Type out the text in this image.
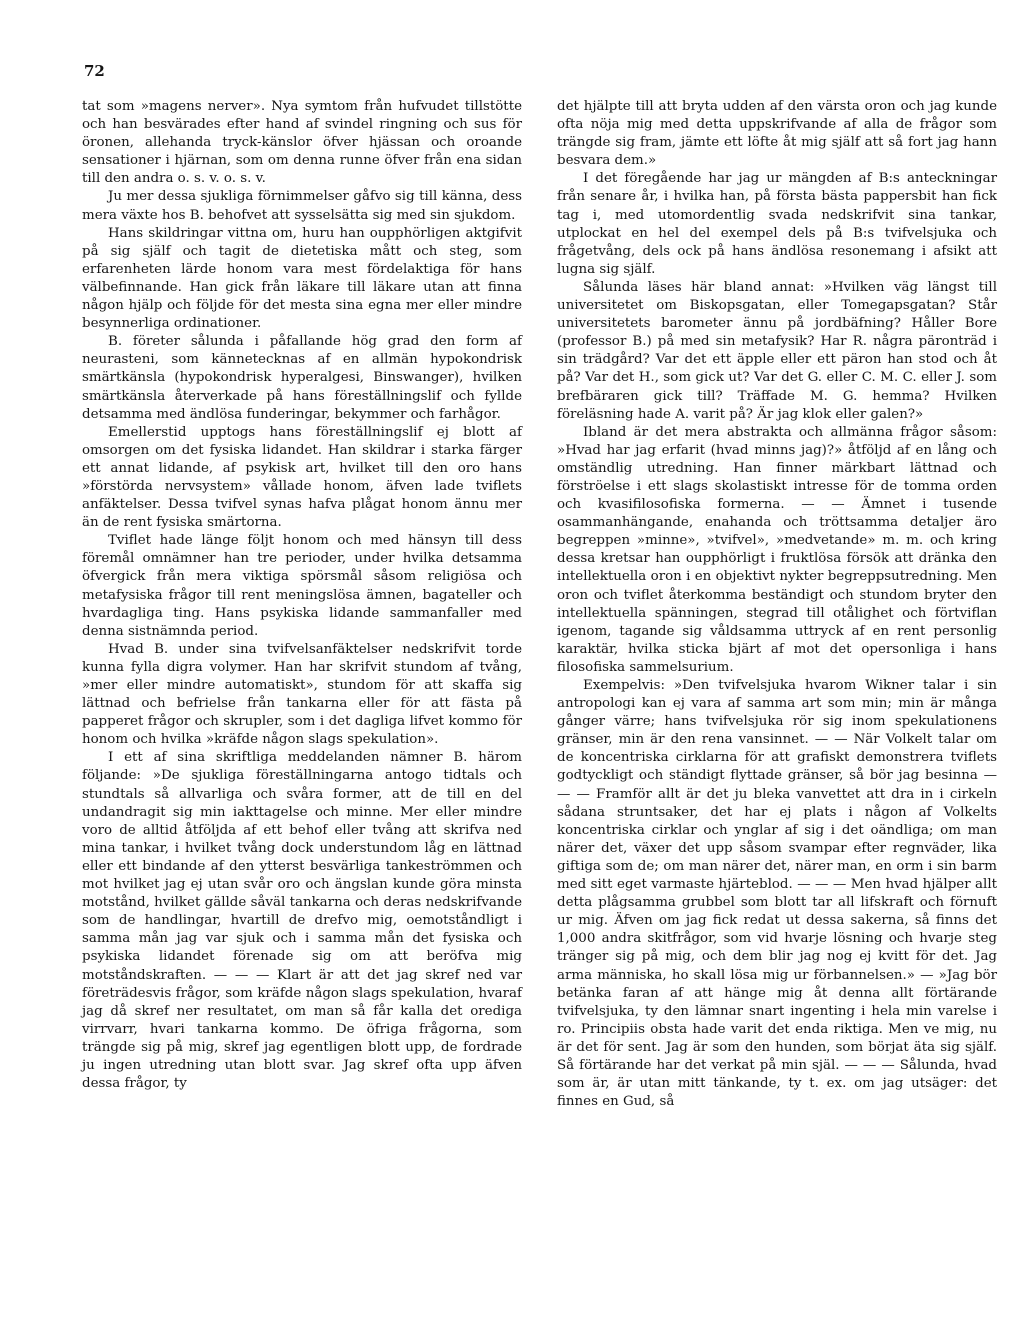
72

tat som »magens nerver». Nya symtom från hufvudet tillstötte och han besvärades efter hand af svindel ringning och sus för öronen, allehanda tryck-känslor öfver hjässan och oroande sensationer i hjärnan, som om denna runne öfver från ena sidan till den andra o. s. v. o. s. v.

Ju mer dessa sjukliga förnimmelser gåfvo sig till känna, dess mera växte hos B. behofvet att sysselsätta sig med sin sjukdom.

Hans skildringar vittna om, huru han oupphörligen aktgifvit på sig själf och tagit de dietetiska mått och steg, som erfarenheten lärde honom vara mest fördelaktiga för hans välbefinnande. Han gick från läkare till läkare utan att finna någon hjälp och följde för det mesta sina egna mer eller mindre besynnerliga ordinationer.

B. företer sålunda i påfallande hög grad den form af neurasteni, som kännetecknas af en allmän hypokondrisk smärtkänsla (hypokondrisk hyperalgesi, Binswanger), hvilken smärtkänsla återverkade på hans föreställningslif och fyllde detsamma med ändlösa funderingar, bekymmer och farhågor.

Emellerstid upptogs hans föreställningslif ej blott af omsorgen om det fysiska lidandet. Han skildrar i starka färger ett annat lidande, af psykisk art, hvilket till den oro hans »förstörda nervsystem» vållade honom, äfven lade tviflets anfäktelser. Dessa tvifvel synas hafva plågat honom ännu mer än de rent fysiska smärtorna.

Tviflet hade länge följt honom och med hänsyn till dess föremål omnämner han tre perioder, under hvilka detsamma öfvergick från mera viktiga spörsmål såsom religiösa och metafysiska frågor till rent meningslösa ämnen, bagateller och hvardagliga ting. Hans psykiska lidande sammanfaller med denna sistnämnda period.

Hvad B. under sina tvifvelsanfäktelser nedskrifvit torde kunna fylla digra volymer. Han har skrifvit stundom af tvång, »mer eller mindre automatiskt», stundom för att skaffa sig lättnad och befrielse från tankarna eller för att fästa på papperet frågor och skrupler, som i det dagliga lifvet kommo för honom och hvilka »kräfde någon slags spekulation».

I ett af sina skriftliga meddelanden nämner B. härom följande: »De sjukliga föreställningarna antogo tidtals och stundtals så allvarliga och svåra former, att de till en del undandragit sig min iakttagelse och minne. Mer eller mindre voro de alltid åtföljda af ett behof eller tvång att skrifva ned mina tankar, i hvilket tvång dock understundom låg en lättnad eller ett bindande af den ytterst besvärliga tankeströmmen och mot hvilket jag ej utan svår oro och ängslan kunde göra minsta motstånd, hvilket gällde såväl tankarna och deras nedskrifvande som de handlingar, hvartill de drefvo mig, oemotståndligt i samma mån jag var sjuk och i samma mån det fysiska och psykiska lidandet förenade sig om att beröfva mig motståndskraften. — — — Klart är att det jag skref ned var företrädesvis frågor, som kräfde någon slags spekulation, hvaraf jag då skref ner resultatet, om man så får kalla det orediga virrvarr, hvari tankarna kommo. De öfriga frågorna, som trängde sig på mig, skref jag egentligen blott upp, de fordrade ju ingen utredning utan blott svar. Jag skref ofta upp äfven dessa frågor, ty

det hjälpte till att bryta udden af den värsta oron och jag kunde ofta nöja mig med detta uppskrifvande af alla de frågor som trängde sig fram, jämte ett löfte åt mig själf att så fort jag hann besvara dem.»

I det föregående har jag ur mängden af B:s anteckningar från senare år, i hvilka han, på första bästa pappersbit han fick tag i, med utomordentlig svada nedskrifvit sina tankar, utplockat en hel del exempel dels på B:s tvifvelsjuka och frågetvång, dels ock på hans ändlösa resonemang i afsikt att lugna sig själf.

Sålunda läses här bland annat: »Hvilken väg längst till universitetet om Biskopsgatan, eller Tomegapsgatan? Står universitetets barometer ännu på jordbäfning? Håller Bore (professor B.) på med sin metafysik? Har R. några päronträd i sin trädgård? Var det ett äpple eller ett päron han stod och åt på? Var det H., som gick ut? Var det G. eller C. M. C. eller J. som brefbäraren gick till? Träffade M. G. hemma? Hvilken föreläsning hade A. varit på? Är jag klok eller galen?»

Ibland är det mera abstrakta och allmänna frågor såsom: »Hvad har jag erfarit (hvad minns jag)?» åtföljd af en lång och omständlig utredning. Han finner märkbart lättnad och förströelse i ett slags skolastiskt intresse för de tomma orden och kvasifilosofiska formerna. — — Ämnet i tusende osammanhängande, enahanda och tröttsamma detaljer äro begreppen »minne», »tvifvel», »medvetande» m. m. och kring dessa kretsar han oupphörligt i fruktlösa försök att dränka den intellektuella oron i en objektivt nykter begreppsutredning. Men oron och tviflet återkomma beständigt och stundom bryter den intellektuella spänningen, stegrad till otålighet och förtviflan igenom, tagande sig våldsamma uttryck af en rent personlig karaktär, hvilka sticka bjärt af mot det opersonliga i hans filosofiska sammelsurium.

Exempelvis: »Den tvifvelsjuka hvarom Wikner talar i sin antropologi kan ej vara af samma art som min; min är många gånger värre; hans tvifvelsjuka rör sig inom spekulationens gränser, min är den rena vansinnet. — — När Volkelt talar om de koncentriska cirklarna för att grafiskt demonstrera tviflets godtyckligt och ständigt flyttade gränser, så bör jag besinna — — — Framför allt är det ju bleka vanvettet att dra in i cirkeln sådana struntsaker, det har ej plats i någon af Volkelts koncentriska cirklar och ynglar af sig i det oändliga; om man närer det, växer det upp såsom svampar efter regnväder, lika giftiga som de; om man närer det, närer man, en orm i sin barm med sitt eget varmaste hjärteblod. — — — Men hvad hjälper allt detta plågsamma grubbel som blott tar all lifskraft och förnuft ur mig. Äfven om jag fick redat ut dessa sakerna, så finns det 1,000 andra skitfrågor, som vid hvarje lösning och hvarje steg tränger sig på mig, och dem blir jag nog ej kvitt för det. Jag arma människa, ho skall lösa mig ur förbannelsen.» — »Jag bör betänka faran af att hänge mig åt denna allt förtärande tvifvelsjuka, ty den lämnar snart ingenting i hela min varelse i ro. Principiis obsta hade varit det enda riktiga. Men ve mig, nu är det för sent. Jag är som den hunden, som börjat äta sig själf. Så förtärande har det verkat på min själ. — — — Sålunda, hvad som är, är utan mitt tänkande, ty t. ex. om jag utsäger: det finnes en Gud, så
